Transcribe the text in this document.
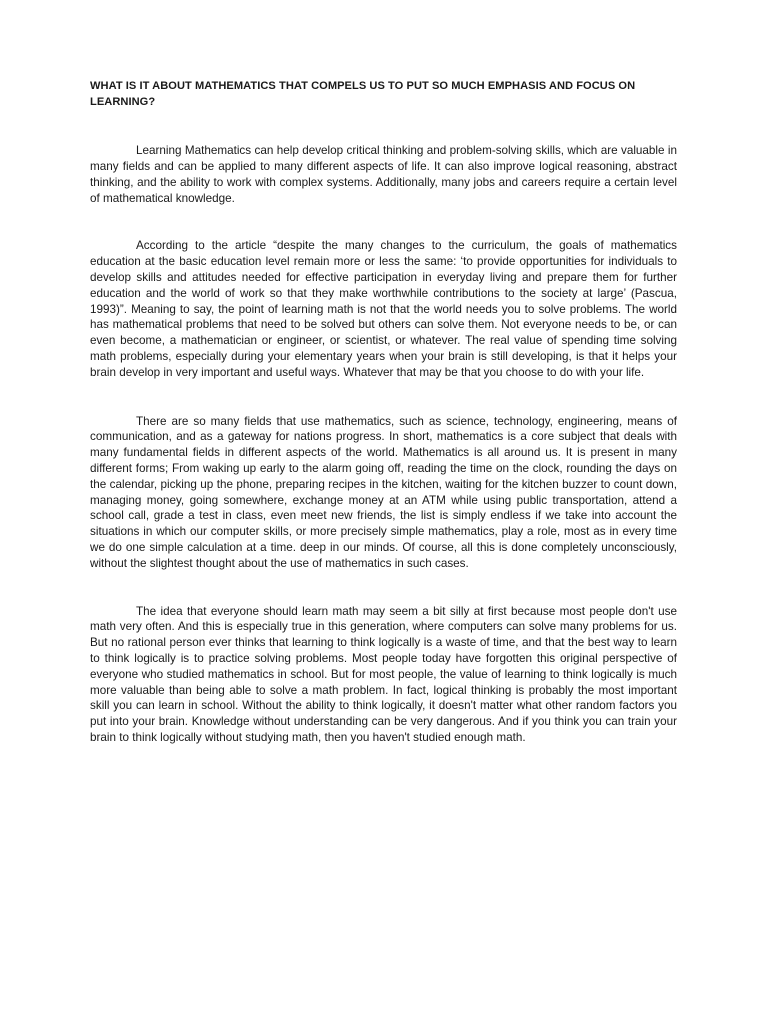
WHAT IS IT ABOUT MATHEMATICS THAT COMPELS US TO PUT SO MUCH EMPHASIS AND FOCUS ON LEARNING?

Learning Mathematics can help develop critical thinking and problem-solving skills, which are valuable in many fields and can be applied to many different aspects of life. It can also improve logical reasoning, abstract thinking, and the ability to work with complex systems. Additionally, many jobs and careers require a certain level of mathematical knowledge.

According to the article “despite the many changes to the curriculum, the goals of mathematics education at the basic education level remain more or less the same: ‘to provide opportunities for individuals to develop skills and attitudes needed for effective participation in everyday living and prepare them for further education and the world of work so that they make worthwhile contributions to the society at large’ (Pascua, 1993)”. Meaning to say, the point of learning math is not that the world needs you to solve problems. The world has mathematical problems that need to be solved but others can solve them. Not everyone needs to be, or can even become, a mathematician or engineer, or scientist, or whatever. The real value of spending time solving math problems, especially during your elementary years when your brain is still developing, is that it helps your brain develop in very important and useful ways. Whatever that may be that you choose to do with your life.

There are so many fields that use mathematics, such as science, technology, engineering, means of communication, and as a gateway for nations progress. In short, mathematics is a core subject that deals with many fundamental fields in different aspects of the world. Mathematics is all around us. It is present in many different forms; From waking up early to the alarm going off, reading the time on the clock, rounding the days on the calendar, picking up the phone, preparing recipes in the kitchen, waiting for the kitchen buzzer to count down, managing money, going somewhere, exchange money at an ATM while using public transportation, attend a school call, grade a test in class, even meet new friends, the list is simply endless if we take into account the situations in which our computer skills, or more precisely simple mathematics, play a role, most as in every time we do one simple calculation at a time. deep in our minds. Of course, all this is done completely unconsciously, without the slightest thought about the use of mathematics in such cases.

The idea that everyone should learn math may seem a bit silly at first because most people don't use math very often. And this is especially true in this generation, where computers can solve many problems for us. But no rational person ever thinks that learning to think logically is a waste of time, and that the best way to learn to think logically is to practice solving problems. Most people today have forgotten this original perspective of everyone who studied mathematics in school. But for most people, the value of learning to think logically is much more valuable than being able to solve a math problem. In fact, logical thinking is probably the most important skill you can learn in school. Without the ability to think logically, it doesn't matter what other random factors you put into your brain. Knowledge without understanding can be very dangerous. And if you think you can train your brain to think logically without studying math, then you haven't studied enough math.
